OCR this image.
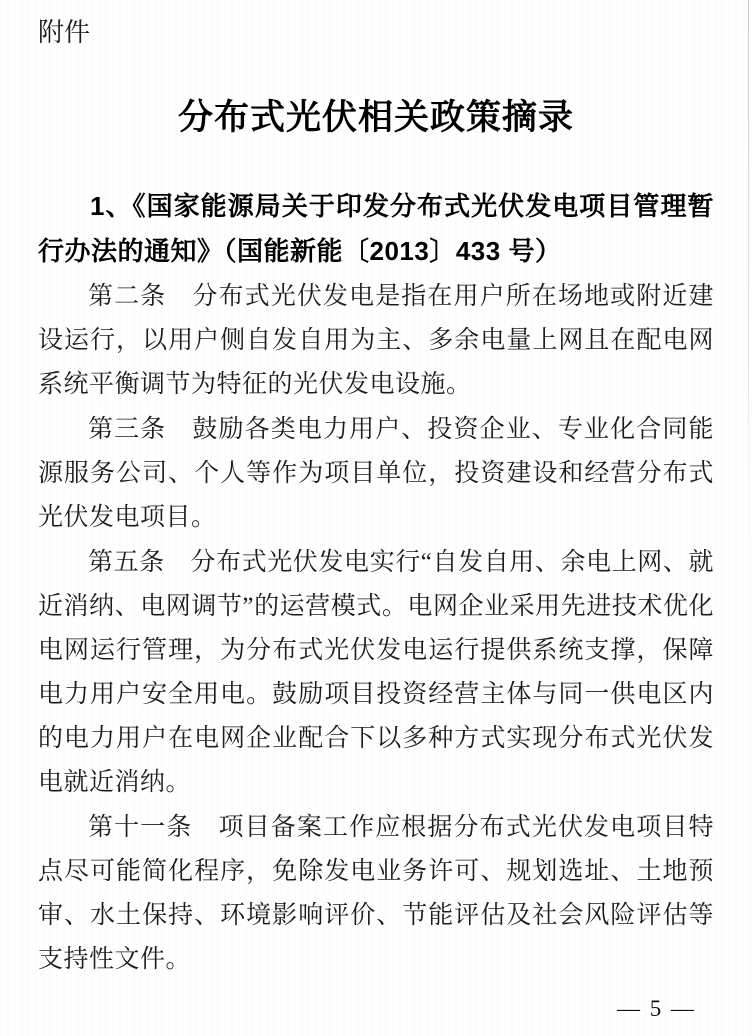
附件
分布式光伏相关政策摘录

1、《国家能源局关于印发分布式光伏发电项目管理暂行办法的通知》（国能新能〔2013〕433 号）

第二条　分布式光伏发电是指在用户所在场地或附近建设运行，以用户侧自发自用为主、多余电量上网且在配电网系统平衡调节为特征的光伏发电设施。

第三条　鼓励各类电力用户、投资企业、专业化合同能源服务公司、个人等作为项目单位，投资建设和经营分布式光伏发电项目。

第五条　分布式光伏发电实行“自发自用、余电上网、就近消纳、电网调节”的运营模式。电网企业采用先进技术优化电网运行管理，为分布式光伏发电运行提供系统支撑，保障电力用户安全用电。鼓励项目投资经营主体与同一供电区内的电力用户在电网企业配合下以多种方式实现分布式光伏发电就近消纳。

第十一条　项目备案工作应根据分布式光伏发电项目特点尽可能简化程序，免除发电业务许可、规划选址、土地预审、水土保持、环境影响评价、节能评估及社会风险评估等支持性文件。

— 5 —
